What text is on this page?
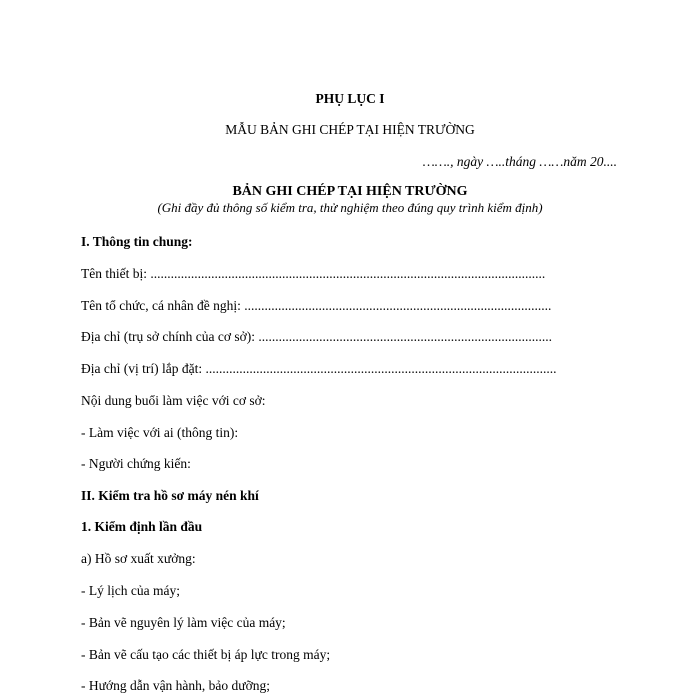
PHỤ LỤC I
MẪU BẢN GHI CHÉP TẠI HIỆN TRƯỜNG
……., ngày …..tháng ……năm 20....
BẢN GHI CHÉP TẠI HIỆN TRƯỜNG
(Ghi đầy đủ thông số kiểm tra, thử nghiệm theo đúng quy trình kiểm định)
I. Thông tin chung:
Tên thiết bị: .....................................................................................................................
Tên tổ chức, cá nhân đề nghị: ...........................................................................................
Địa chỉ (trụ sở chính của cơ sở): .......................................................................................
Địa chỉ (vị trí) lắp đặt: ........................................................................................................
Nội dung buổi làm việc với cơ sở:
- Làm việc với ai (thông tin):
- Người chứng kiến:
II. Kiểm tra hồ sơ máy nén khí
1. Kiểm định lần đầu
a) Hồ sơ xuất xưởng:
- Lý lịch của máy;
- Bản vẽ nguyên lý làm việc của máy;
- Bản vẽ cấu tạo các thiết bị áp lực trong máy;
- Hướng dẫn vận hành, bảo dưỡng;
